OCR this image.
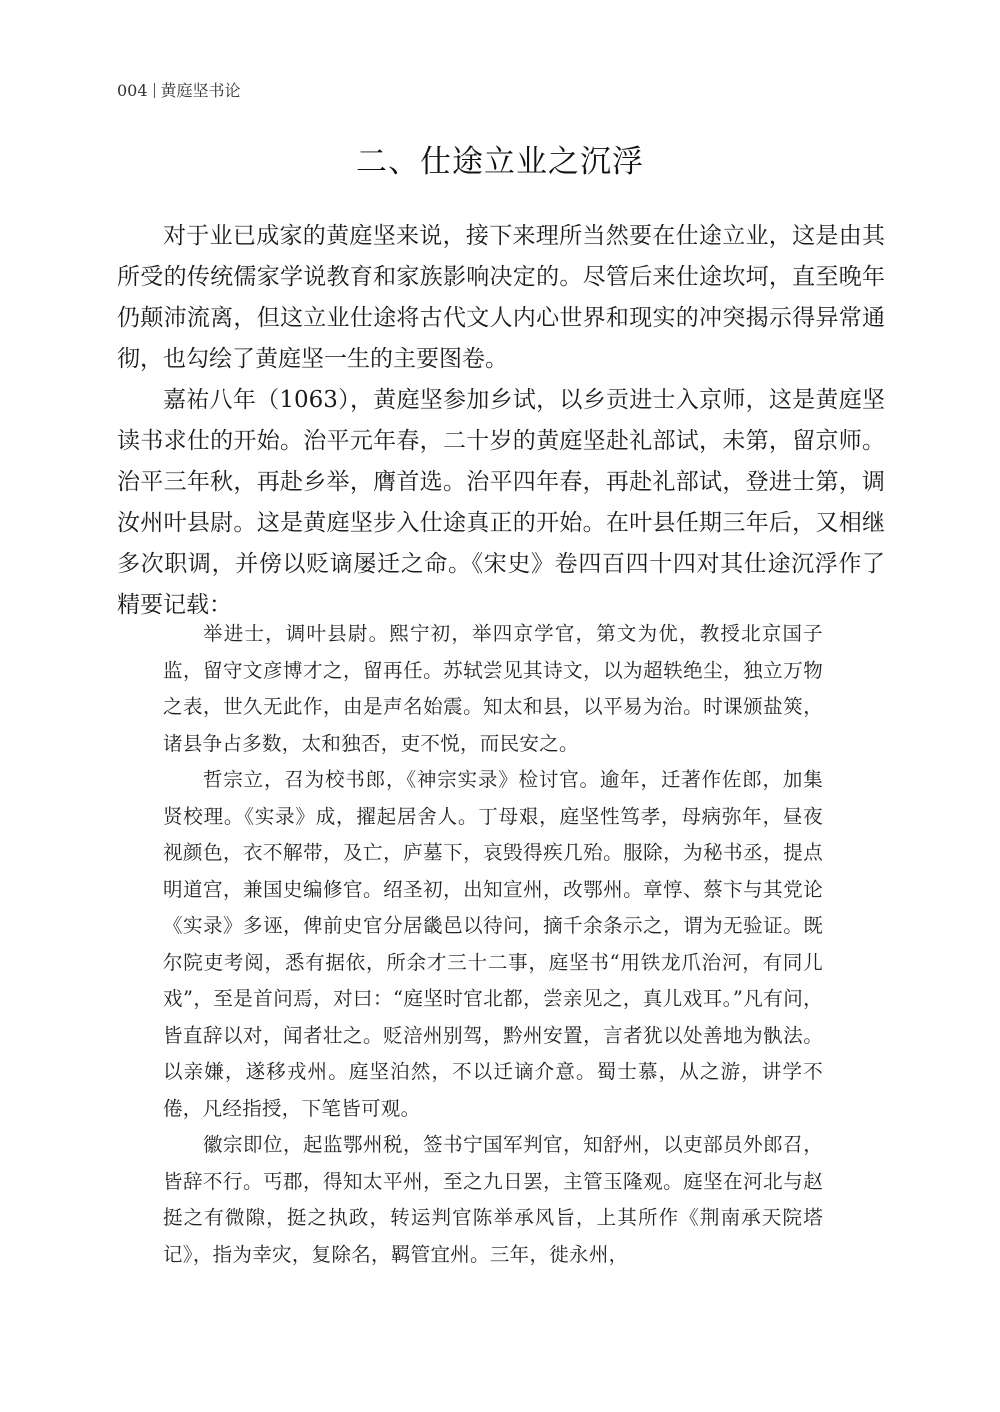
004 黄庭坚书论
二、仕途立业之沉浮

对于业已成家的黄庭坚来说，接下来理所当然要在仕途立业，这是由其所受的传统儒家学说教育和家族影响决定的。尽管后来仕途坎坷，直至晚年仍颠沛流离，但这立业仕途将古代文人内心世界和现实的冲突揭示得异常通彻，也勾绘了黄庭坚一生的主要图卷。

嘉祐八年（1063），黄庭坚参加乡试，以乡贡进士入京师，这是黄庭坚读书求仕的开始。治平元年春，二十岁的黄庭坚赴礼部试，未第，留京师。治平三年秋，再赴乡举，膺首选。治平四年春，再赴礼部试，登进士第，调汝州叶县尉。这是黄庭坚步入仕途真正的开始。在叶县任期三年后，又相继多次职调，并傍以贬谪屡迁之命。《宋史》卷四百四十四对其仕途沉浮作了精要记载：

举进士，调叶县尉。熙宁初，举四京学官，第文为优，教授北京国子监，留守文彦博才之，留再任。苏轼尝见其诗文，以为超轶绝尘，独立万物之表，世久无此作，由是声名始震。知太和县，以平易为治。时课颁盐筴，诸县争占多数，太和独否，吏不悦，而民安之。

哲宗立，召为校书郎，《神宗实录》检讨官。逾年，迁著作佐郎，加集贤校理。《实录》成，擢起居舍人。丁母艰，庭坚性笃孝，母病弥年，昼夜视颜色，衣不解带，及亡，庐墓下，哀毁得疾几殆。服除，为秘书丞，提点明道宫，兼国史编修官。绍圣初，出知宣州，改鄂州。章惇、蔡卞与其党论《实录》多诬，俾前史官分居畿邑以待问，摘千余条示之，谓为无验证。既尔院吏考阅，悉有据依，所余才三十二事，庭坚书“用铁龙爪治河，有同儿戏”，至是首问焉，对曰：“庭坚时官北都，尝亲见之，真儿戏耳。”凡有问，皆直辞以对，闻者壮之。贬涪州别驾，黔州安置，言者犹以处善地为骫法。以亲嫌，遂移戎州。庭坚泊然，不以迁谪介意。蜀士慕，从之游，讲学不倦，凡经指授，下笔皆可观。

徽宗即位，起监鄂州税，签书宁国军判官，知舒州，以吏部员外郎召，皆辞不行。丐郡，得知太平州，至之九日罢，主管玉隆观。庭坚在河北与赵挺之有微隙，挺之执政，转运判官陈举承风旨，上其所作《荆南承天院塔记》，指为幸灾，复除名，羁管宜州。三年，徙永州，
